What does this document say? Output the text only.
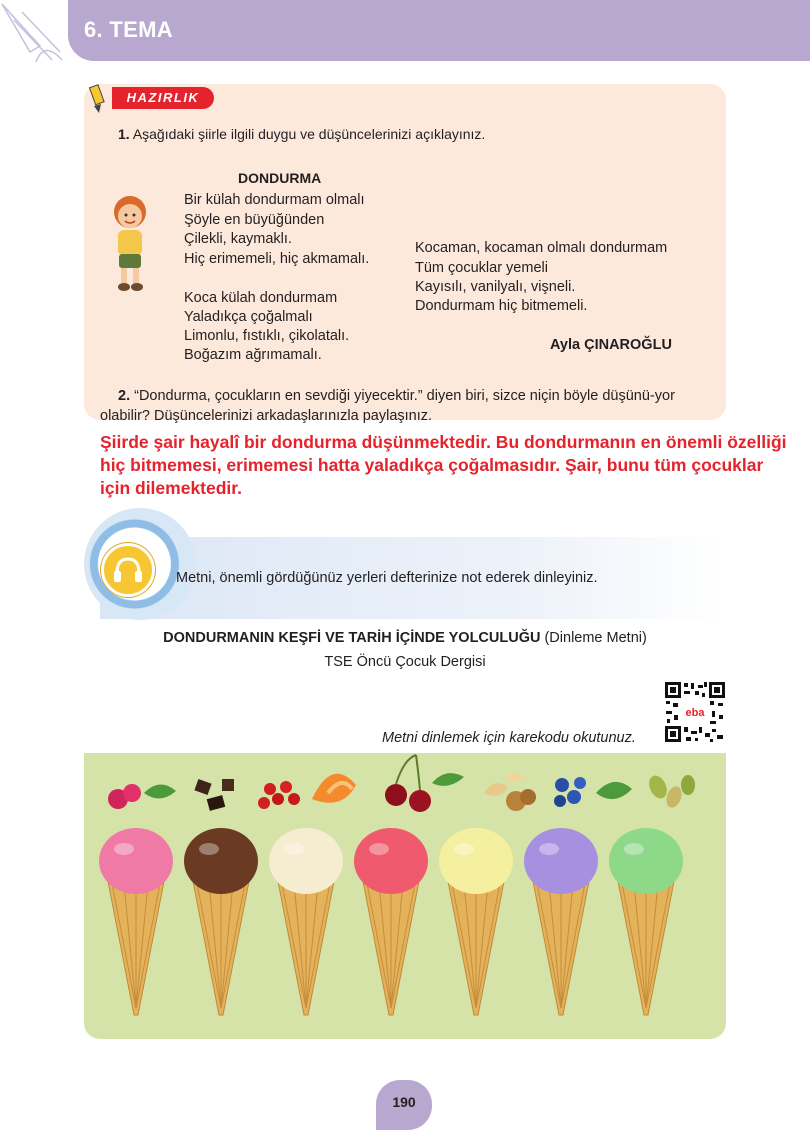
6. TEMA
HAZIRLIK
1. Aşağıdaki şiirle ilgili duygu ve düşüncelerinizi açıklayınız.
DONDURMA
Bir külah dondurmam olmalı
Şöyle en büyüğünden
Çilekli, kaymaklı.
Hiç erimemeli, hiç akmamalı.
Koca külah dondurmam
Yaladıkça çoğalmalı
Limonlu, fıstıklı, çikolatalı.
Boğazım ağrımamalı.
Kocaman, kocaman olmalı dondurmam
Tüm çocuklar yemeli
Kayısılı, vanilyalı, vişneli.
Dondurmam hiç bitmemeli.
Ayla ÇINAROĞLU
2. “Dondurma, çocukların en sevdiği yiyecektir.” diyen biri, sizce niçin böyle düşünü-yor olabilir? Düşüncelerinizi arkadaşlarınızla paylaşınız.
Şiirde şair hayalî bir dondurma düşünmektedir. Bu dondurmanın en önemli özelliği hiç bitmemesi, erimemesi hatta yaladıkça çoğalmasıdır. Şair, bunu tüm çocuklar için dilemektedir.
Metni, önemli gördüğünüz yerleri defterinize not ederek dinleyiniz.
DONDURMANIN KEŞFİ VE TARİH İÇİNDE YOLCULUĞU (Dinleme Metni)
TSE Öncü Çocuk Dergisi
Metni dinlemek için karekodu okutunuz.
eba
190
